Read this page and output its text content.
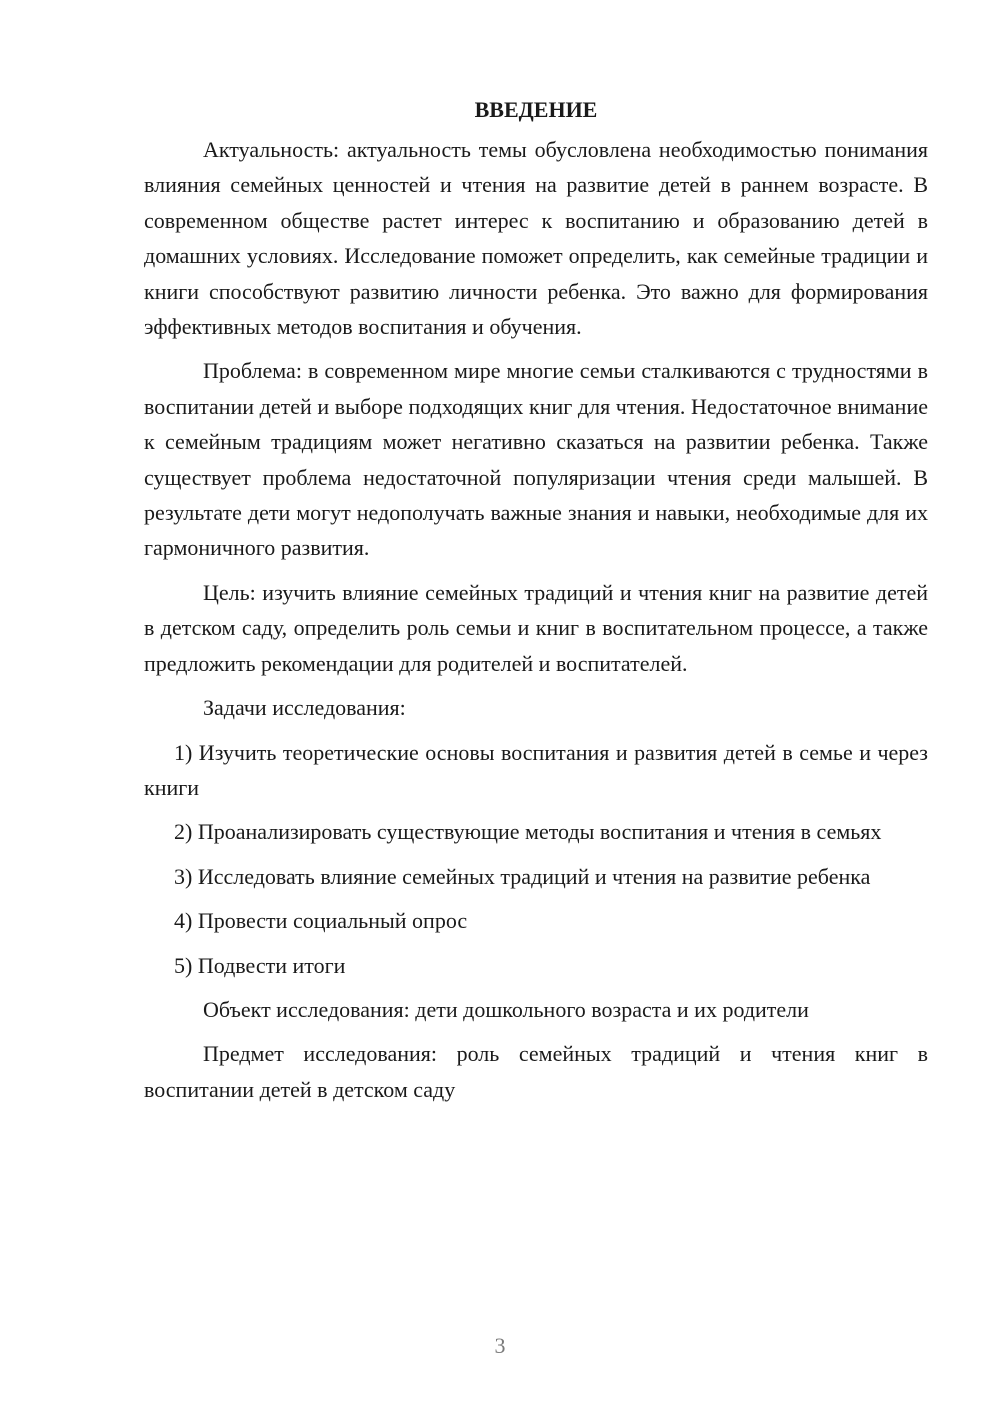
ВВЕДЕНИЕ

Актуальность: актуальность темы обусловлена необходимостью понимания влияния семейных ценностей и чтения на развитие детей в раннем возрасте. В современном обществе растет интерес к воспитанию и образованию детей в домашних условиях. Исследование поможет определить, как семейные традиции и книги способствуют развитию личности ребенка. Это важно для формирования эффективных методов воспитания и обучения.

Проблема: в современном мире многие семьи сталкиваются с трудностями в воспитании детей и выборе подходящих книг для чтения. Недостаточное внимание к семейным традициям может негативно сказаться на развитии ребенка. Также существует проблема недостаточной популяризации чтения среди малышей. В результате дети могут недополучать важные знания и навыки, необходимые для их гармоничного развития.

Цель: изучить влияние семейных традиций и чтения книг на развитие детей в детском саду, определить роль семьи и книг в воспитательном процессе, а также предложить рекомендации для родителей и воспитателей.

Задачи исследования:

1) Изучить теоретические основы воспитания и развития детей в семье и через книги

2) Проанализировать существующие методы воспитания и чтения в семьях

3) Исследовать влияние семейных традиций и чтения на развитие ребенка

4) Провести социальный опрос

5) Подвести итоги

Объект исследования: дети дошкольного возраста и их родители

Предмет исследования: роль семейных традиций и чтения книг в воспитании детей в детском саду

3
